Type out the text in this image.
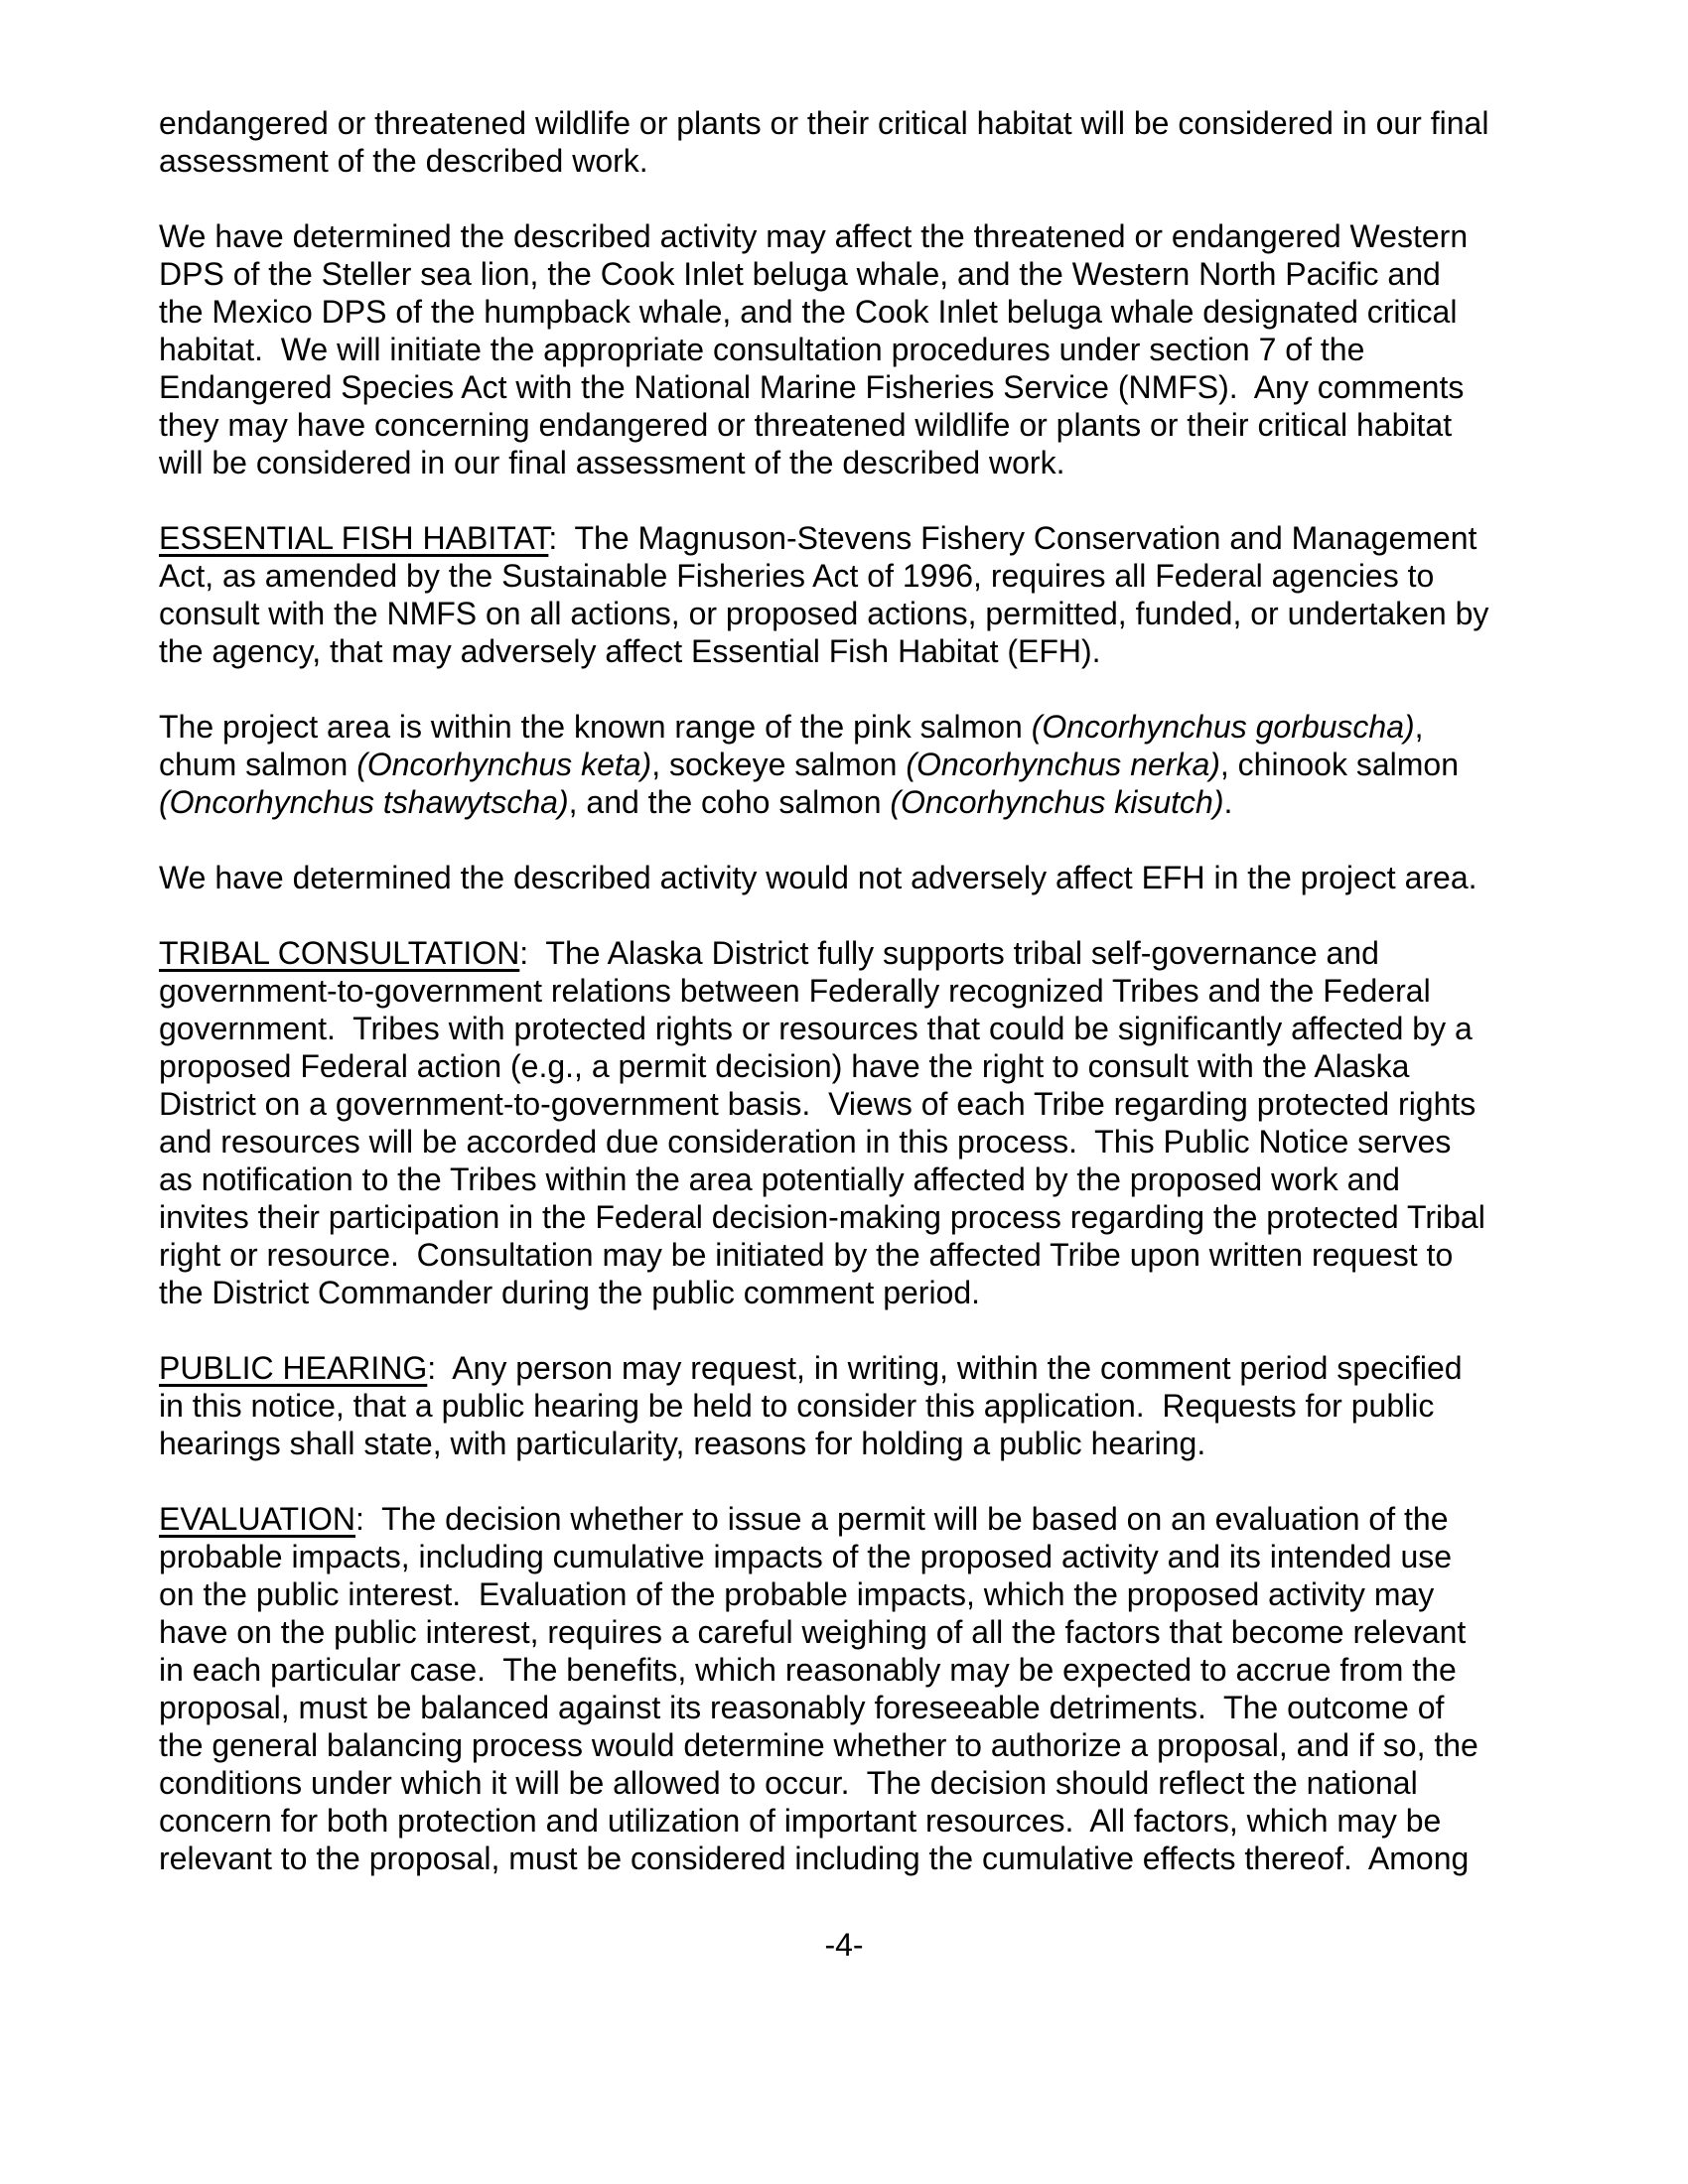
endangered or threatened wildlife or plants or their critical habitat will be considered in our final
assessment of the described work.
We have determined the described activity may affect the threatened or endangered Western
DPS of the Steller sea lion, the Cook Inlet beluga whale, and the Western North Pacific and
the Mexico DPS of the humpback whale, and the Cook Inlet beluga whale designated critical
habitat.  We will initiate the appropriate consultation procedures under section 7 of the
Endangered Species Act with the National Marine Fisheries Service (NMFS).  Any comments
they may have concerning endangered or threatened wildlife or plants or their critical habitat
will be considered in our final assessment of the described work.
ESSENTIAL FISH HABITAT:  The Magnuson-Stevens Fishery Conservation and Management
Act, as amended by the Sustainable Fisheries Act of 1996, requires all Federal agencies to
consult with the NMFS on all actions, or proposed actions, permitted, funded, or undertaken by
the agency, that may adversely affect Essential Fish Habitat (EFH).
The project area is within the known range of the pink salmon (Oncorhynchus gorbuscha),
chum salmon (Oncorhynchus keta), sockeye salmon (Oncorhynchus nerka), chinook salmon
(Oncorhynchus tshawytscha), and the coho salmon (Oncorhynchus kisutch).
We have determined the described activity would not adversely affect EFH in the project area.
TRIBAL CONSULTATION:  The Alaska District fully supports tribal self-governance and
government-to-government relations between Federally recognized Tribes and the Federal
government.  Tribes with protected rights or resources that could be significantly affected by a
proposed Federal action (e.g., a permit decision) have the right to consult with the Alaska
District on a government-to-government basis.  Views of each Tribe regarding protected rights
and resources will be accorded due consideration in this process.  This Public Notice serves
as notification to the Tribes within the area potentially affected by the proposed work and
invites their participation in the Federal decision-making process regarding the protected Tribal
right or resource.  Consultation may be initiated by the affected Tribe upon written request to
the District Commander during the public comment period.
PUBLIC HEARING:  Any person may request, in writing, within the comment period specified
in this notice, that a public hearing be held to consider this application.  Requests for public
hearings shall state, with particularity, reasons for holding a public hearing.
EVALUATION:  The decision whether to issue a permit will be based on an evaluation of the
probable impacts, including cumulative impacts of the proposed activity and its intended use
on the public interest.  Evaluation of the probable impacts, which the proposed activity may
have on the public interest, requires a careful weighing of all the factors that become relevant
in each particular case.  The benefits, which reasonably may be expected to accrue from the
proposal, must be balanced against its reasonably foreseeable detriments.  The outcome of
the general balancing process would determine whether to authorize a proposal, and if so, the
conditions under which it will be allowed to occur.  The decision should reflect the national
concern for both protection and utilization of important resources.  All factors, which may be
relevant to the proposal, must be considered including the cumulative effects thereof.  Among
-4-
